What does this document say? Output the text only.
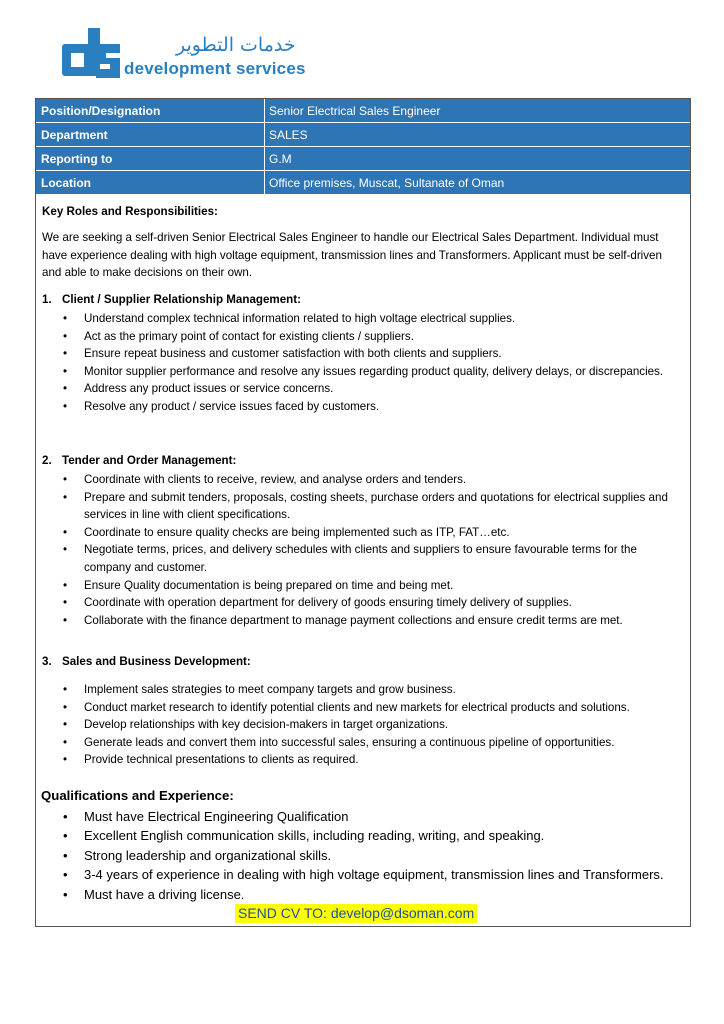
خدمات التطوير
development services
Position/Designation	Senior Electrical Sales Engineer
Department	SALES
Reporting to	G.M
Location	Office premises, Muscat, Sultanate of Oman
Key Roles and Responsibilities:
We are seeking a self-driven Senior Electrical Sales Engineer to handle our Electrical Sales Department. Individual must have experience dealing with high voltage equipment, transmission lines and Transformers. Applicant must be self-driven and able to make decisions on their own.
1. Client / Supplier Relationship Management:
• Understand complex technical information related to high voltage electrical supplies.
• Act as the primary point of contact for existing clients / suppliers.
• Ensure repeat business and customer satisfaction with both clients and suppliers.
• Monitor supplier performance and resolve any issues regarding product quality, delivery delays, or discrepancies.
• Address any product issues or service concerns.
• Resolve any product / service issues faced by customers.
2. Tender and Order Management:
• Coordinate with clients to receive, review, and analyse orders and tenders.
• Prepare and submit tenders, proposals, costing sheets, purchase orders and quotations for electrical supplies and services in line with client specifications.
• Coordinate to ensure quality checks are being implemented such as ITP, FAT…etc.
• Negotiate terms, prices, and delivery schedules with clients and suppliers to ensure favourable terms for the company and customer.
• Ensure Quality documentation is being prepared on time and being met.
• Coordinate with operation department for delivery of goods ensuring timely delivery of supplies.
• Collaborate with the finance department to manage payment collections and ensure credit terms are met.
3. Sales and Business Development:
• Implement sales strategies to meet company targets and grow business.
• Conduct market research to identify potential clients and new markets for electrical products and solutions.
• Develop relationships with key decision-makers in target organizations.
• Generate leads and convert them into successful sales, ensuring a continuous pipeline of opportunities.
• Provide technical presentations to clients as required.
Qualifications and Experience:
• Must have Electrical Engineering Qualification
• Excellent English communication skills, including reading, writing, and speaking.
• Strong leadership and organizational skills.
• 3-4 years of experience in dealing with high voltage equipment, transmission lines and Transformers.
• Must have a driving license.
SEND CV TO: develop@dsoman.com
